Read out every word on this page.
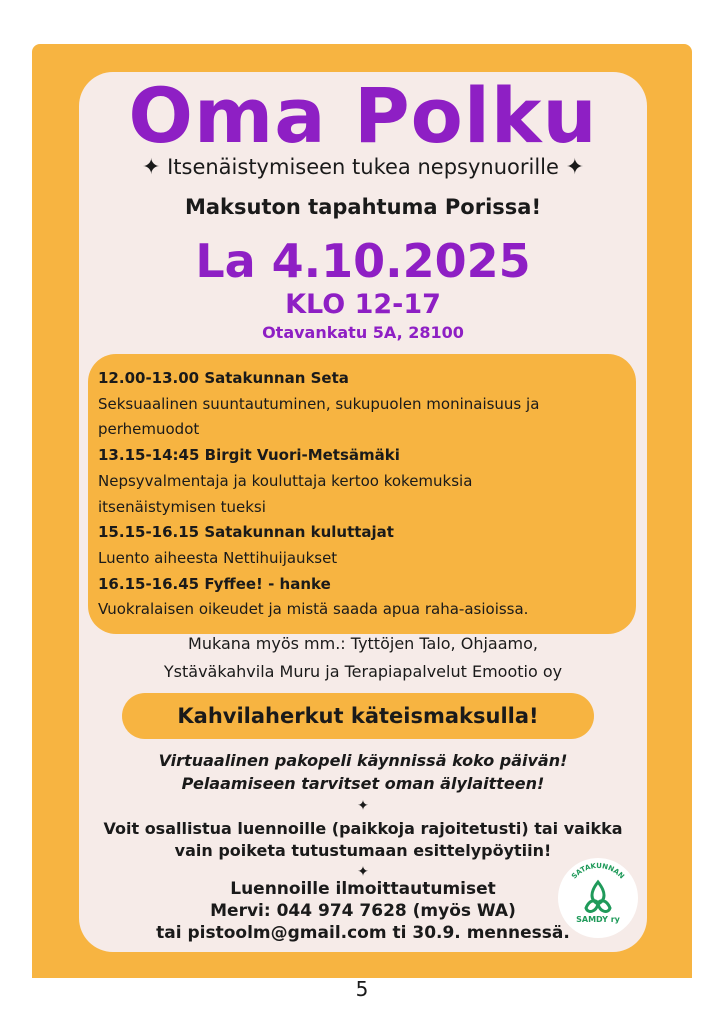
Oma Polku
✦ Itsenäistymiseen tukea nepsynuorille ✦
Maksuton tapahtuma Porissa!
La 4.10.2025
KLO 12-17
Otavankatu 5A, 28100
12.00-13.00 Satakunnan Seta
Seksuaalinen suuntautuminen, sukupuolen moninaisuus ja
perhemuodot
13.15-14:45 Birgit Vuori-Metsämäki
Nepsyvalmentaja ja kouluttaja kertoo kokemuksia
itsenäistymisen tueksi
15.15-16.15 Satakunnan kuluttajat
Luento aiheesta Nettihuijaukset
16.15-16.45 Fyffee! - hanke
Vuokralaisen oikeudet ja mistä saada apua raha-asioissa.
Mukana myös mm.: Tyttöjen Talo, Ohjaamo,
Ystäväkahvila Muru ja Terapiapalvelut Emootio oy
Kahvilaherkut käteismaksulla!
Virtuaalinen pakopeli käynnissä koko päivän!
Pelaamiseen tarvitset oman älylaitteen!
✦
Voit osallistua luennoille (paikkoja rajoitetusti) tai vaikka
vain poiketa tutustumaan esittelypöytiin!
✦
Luennoille ilmoittautumiset
Mervi: 044 974 7628 (myös WA)
tai pistoolm@gmail.com ti 30.9. mennessä.
SATAKUNNAN
SAMDY ry
5
